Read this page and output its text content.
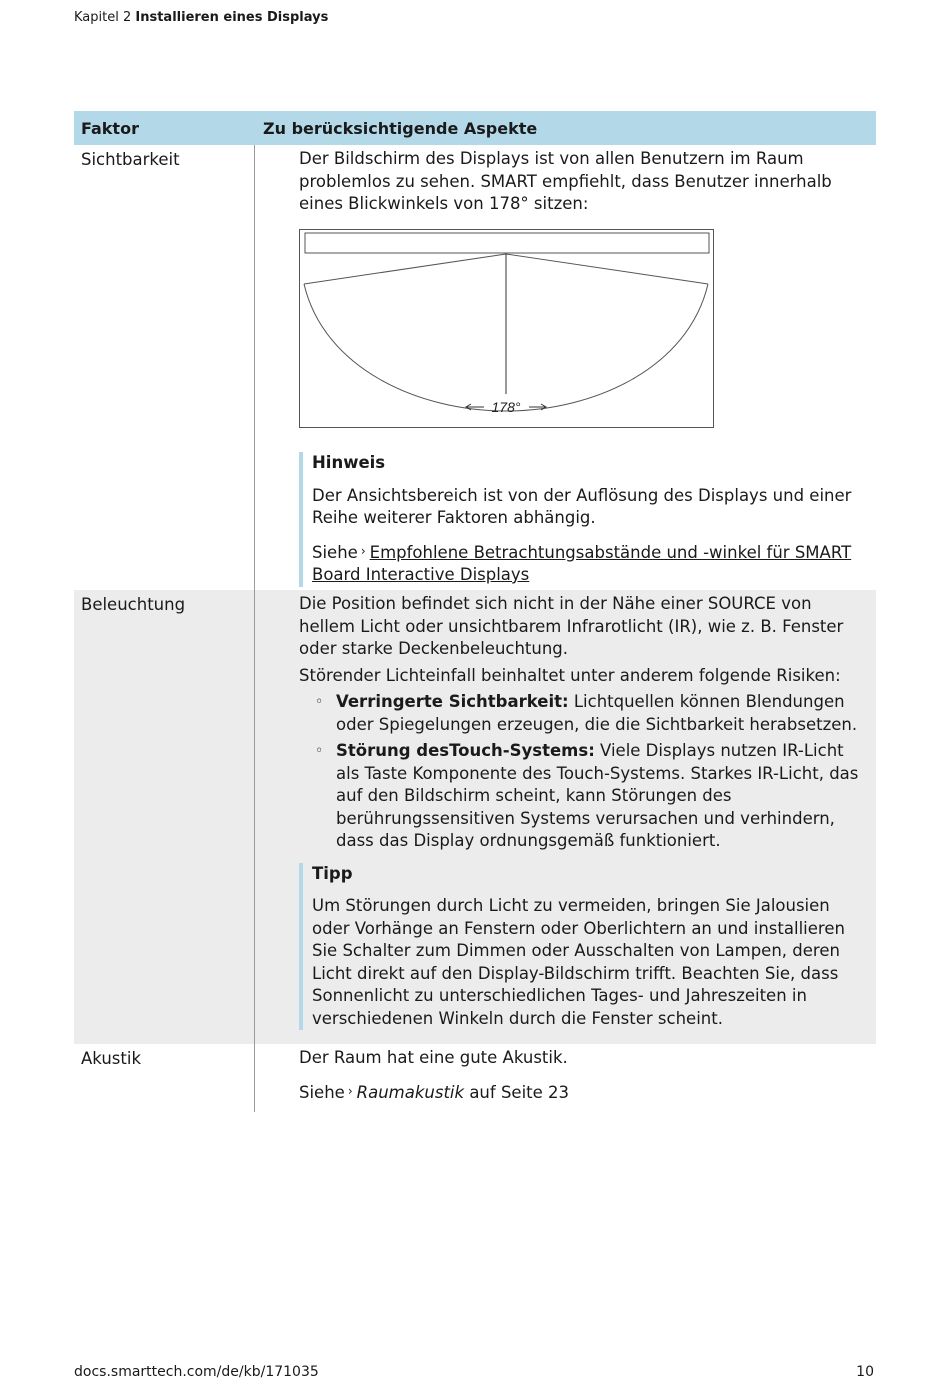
Kapitel 2 Installieren eines Displays
Faktor	Zu berücksichtigende Aspekte
Sichtbarkeit	Der Bildschirm des Displays ist von allen Benutzern im Raum problemlos zu sehen. SMART empfiehlt, dass Benutzer innerhalb eines Blickwinkels von 178° sitzen:

178°
Hinweis

Der Ansichtsbereich ist von der Auflösung des Displays und einer Reihe weiterer Faktoren abhängig.

Siehe › Empfohlene Betrachtungsabstände und -winkel für SMART Board Interactive Displays

Beleuchtung	Die Position befindet sich nicht in der Nähe einer SOURCE von hellem Licht oder unsichtbarem Infrarotlicht (IR), wie z. B. Fenster oder starke Deckenbeleuchtung.

Störender Lichteinfall beinhaltet unter anderem folgende Risiken:

◦ Verringerte Sichtbarkeit: Lichtquellen können Blendungen oder Spiegelungen erzeugen, die die Sichtbarkeit herabsetzen.
◦ Störung desTouch-Systems: Viele Displays nutzen IR-Licht als Taste Komponente des Touch-Systems. Starkes IR-Licht, das auf den Bildschirm scheint, kann Störungen des berührungssensitiven Systems verursachen und verhindern, dass das Display ordnungsgemäß funktioniert.
Tipp

Um Störungen durch Licht zu vermeiden, bringen Sie Jalousien oder Vorhänge an Fenstern oder Oberlichtern an und installieren Sie Schalter zum Dimmen oder Ausschalten von Lampen, deren Licht direkt auf den Display-Bildschirm trifft. Beachten Sie, dass Sonnenlicht zu unterschiedlichen Tages- und Jahreszeiten in verschiedenen Winkeln durch die Fenster scheint.

Akustik	Der Raum hat eine gute Akustik.

Siehe › Raumakustik auf Seite 23

docs.smarttech.com/de/kb/171035	10
